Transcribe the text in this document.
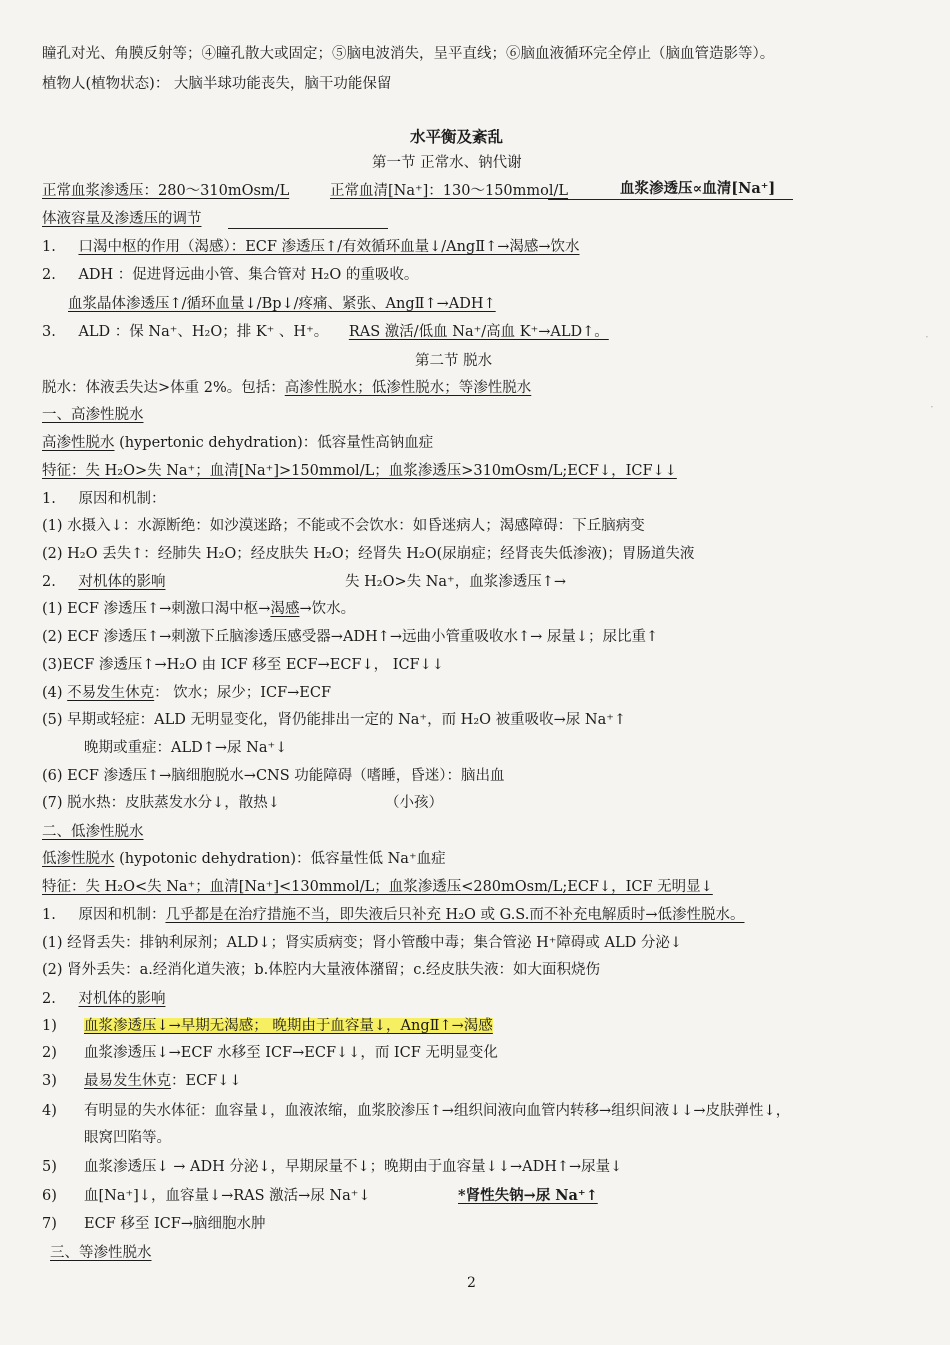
瞳孔对光、角膜反射等；④瞳孔散大或固定；⑤脑电波消失，呈平直线；⑥脑血液循环完全停止（脑血管造影等）。
植物人(植物状态)： 大脑半球功能丧失，脑干功能保留
水平衡及紊乱
第一节 正常水、钠代谢
正常血浆渗透压：280～310mOsm/L	正常血清[Na⁺]：130～150mmol/L	血浆渗透压∝血清[Na⁺]
体液容量及渗透压的调节
1. 口渴中枢的作用（渴感）：ECF 渗透压↑/有效循环血量↓/AngⅡ↑→渴感→饮水
2. ADH ：促进肾远曲小管、集合管对 H₂O 的重吸收。
血浆晶体渗透压↑/循环血量↓/Bp↓/疼痛、紧张、AngⅡ↑→ADH↑
3. ALD ：保 Na⁺、H₂O；排 K⁺ 、H⁺。 RAS 激活/低血 Na⁺/高血 K⁺→ALD↑。
第二节 脱水
脱水：体液丢失达>体重 2%。包括：高渗性脱水；低渗性脱水；等渗性脱水
一、高渗性脱水
高渗性脱水 (hypertonic dehydration)：低容量性高钠血症
特征：失 H₂O>失 Na⁺；血清[Na⁺]>150mmol/L；血浆渗透压>310mOsm/L;ECF↓，ICF↓↓
1. 原因和机制：
(1) 水摄入↓：水源断绝：如沙漠迷路；不能或不会饮水：如昏迷病人；渴感障碍：下丘脑病变
(2) H₂O 丢失↑：经肺失 H₂O；经皮肤失 H₂O；经肾失 H₂O(尿崩症；经肾丧失低渗液)；胃肠道失液
2. 对机体的影响	失 H₂O>失 Na⁺，血浆渗透压↑→
(1) ECF 渗透压↑→刺激口渴中枢→渴感→饮水。
(2) ECF 渗透压↑→刺激下丘脑渗透压感受器→ADH↑→远曲小管重吸收水↑→ 尿量↓；尿比重↑
(3)ECF 渗透压↑→H₂O 由 ICF 移至 ECF→ECF↓， ICF↓↓
(4) 不易发生休克： 饮水；尿少；ICF→ECF
(5) 早期或轻症：ALD 无明显变化，肾仍能排出一定的 Na⁺，而 H₂O 被重吸收→尿 Na⁺↑
晚期或重症：ALD↑→尿 Na⁺↓
(6) ECF 渗透压↑→脑细胞脱水→CNS 功能障碍（嗜睡，昏迷）：脑出血
(7) 脱水热：皮肤蒸发水分↓，散热↓	（小孩）
二、低渗性脱水
低渗性脱水 (hypotonic dehydration)：低容量性低 Na⁺血症
特征：失 H₂O<失 Na⁺；血清[Na⁺]<130mmol/L；血浆渗透压<280mOsm/L;ECF↓，ICF 无明显↓
1. 原因和机制：几乎都是在治疗措施不当，即失液后只补充 H₂O 或 G.S.而不补充电解质时→低渗性脱水。
(1) 经肾丢失：排钠利尿剂；ALD↓；肾实质病变；肾小管酸中毒；集合管泌 H⁺障碍或 ALD 分泌↓
(2) 肾外丢失：a.经消化道失液；b.体腔内大量液体潴留；c.经皮肤失液：如大面积烧伤
2. 对机体的影响
1) 血浆渗透压↓→早期无渴感； 晚期由于血容量↓，AngⅡ↑→渴感
2) 血浆渗透压↓→ECF 水移至 ICF→ECF↓↓，而 ICF 无明显变化
3) 最易发生休克：ECF↓↓
4) 有明显的失水体征：血容量↓，血液浓缩，血浆胶渗压↑→组织间液向血管内转移→组织间液↓↓→皮肤弹性↓，
眼窝凹陷等。
5) 血浆渗透压↓ → ADH 分泌↓，早期尿量不↓；晚期由于血容量↓↓→ADH↑→尿量↓
6) 血[Na⁺]↓，血容量↓→RAS 激活→尿 Na⁺↓	*肾性失钠→尿 Na⁺↑
7) ECF 移至 ICF→脑细胞水肿
三、等渗性脱水
2
·
·
